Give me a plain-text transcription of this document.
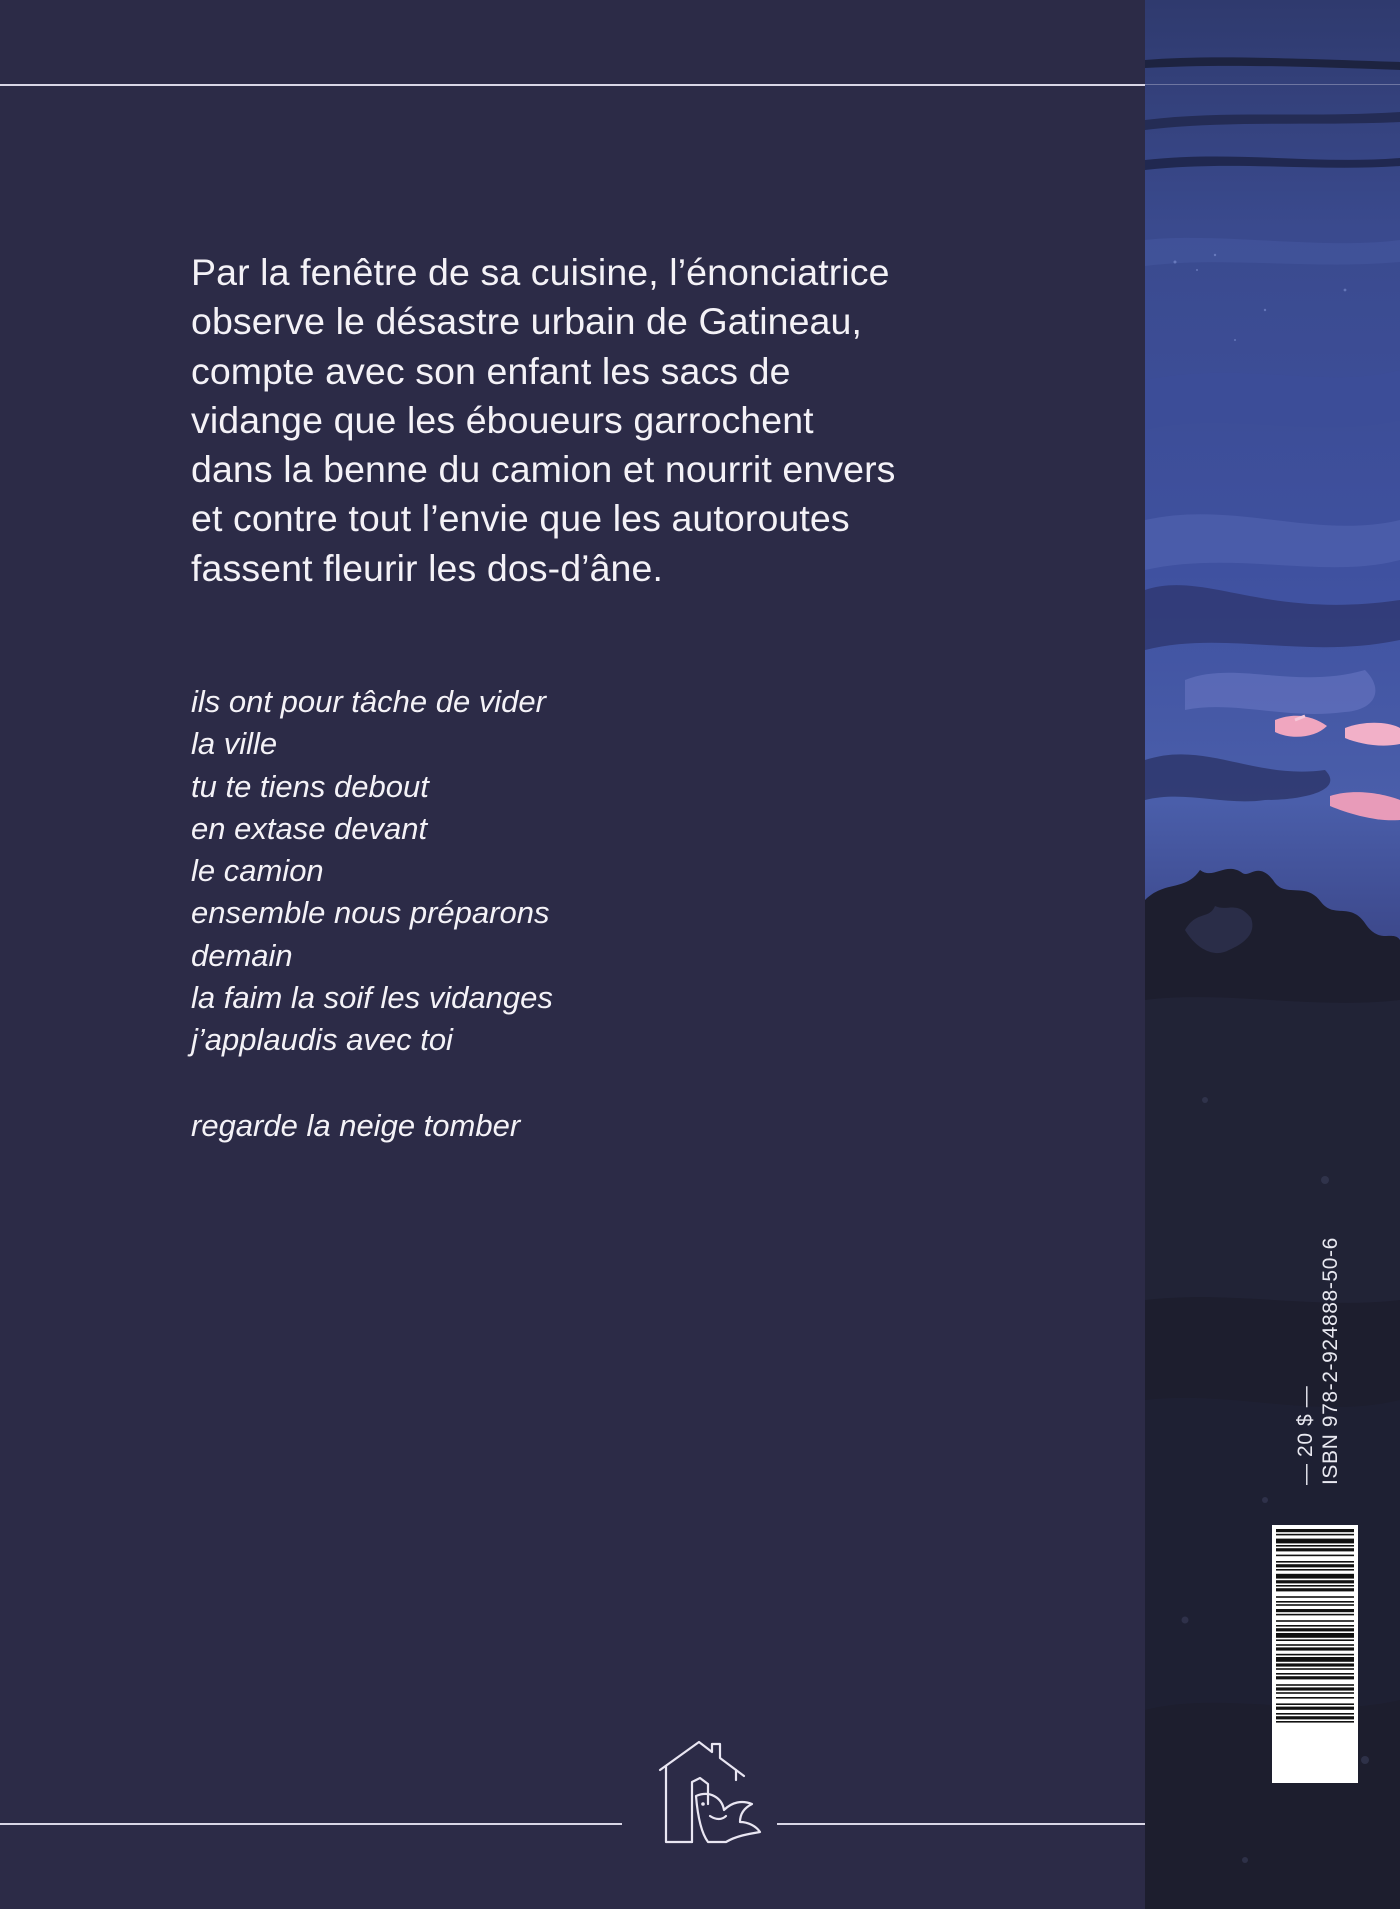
Par la fenêtre de sa cuisine, l’énonciatrice
observe le désastre urbain de Gatineau,
compte avec son enfant les sacs de
vidange que les éboueurs garrochent
dans la benne du camion et nourrit envers
et contre tout l’envie que les autoroutes
fassent fleurir les dos-d’âne.

ils ont pour tâche de vider
la ville
tu te tiens debout
en extase devant
le camion
ensemble nous préparons
demain
la faim la soif les vidanges
j’applaudis avec toi

regarde la neige tomber

— 20 $ — ISBN 978-2-924888-50-6
